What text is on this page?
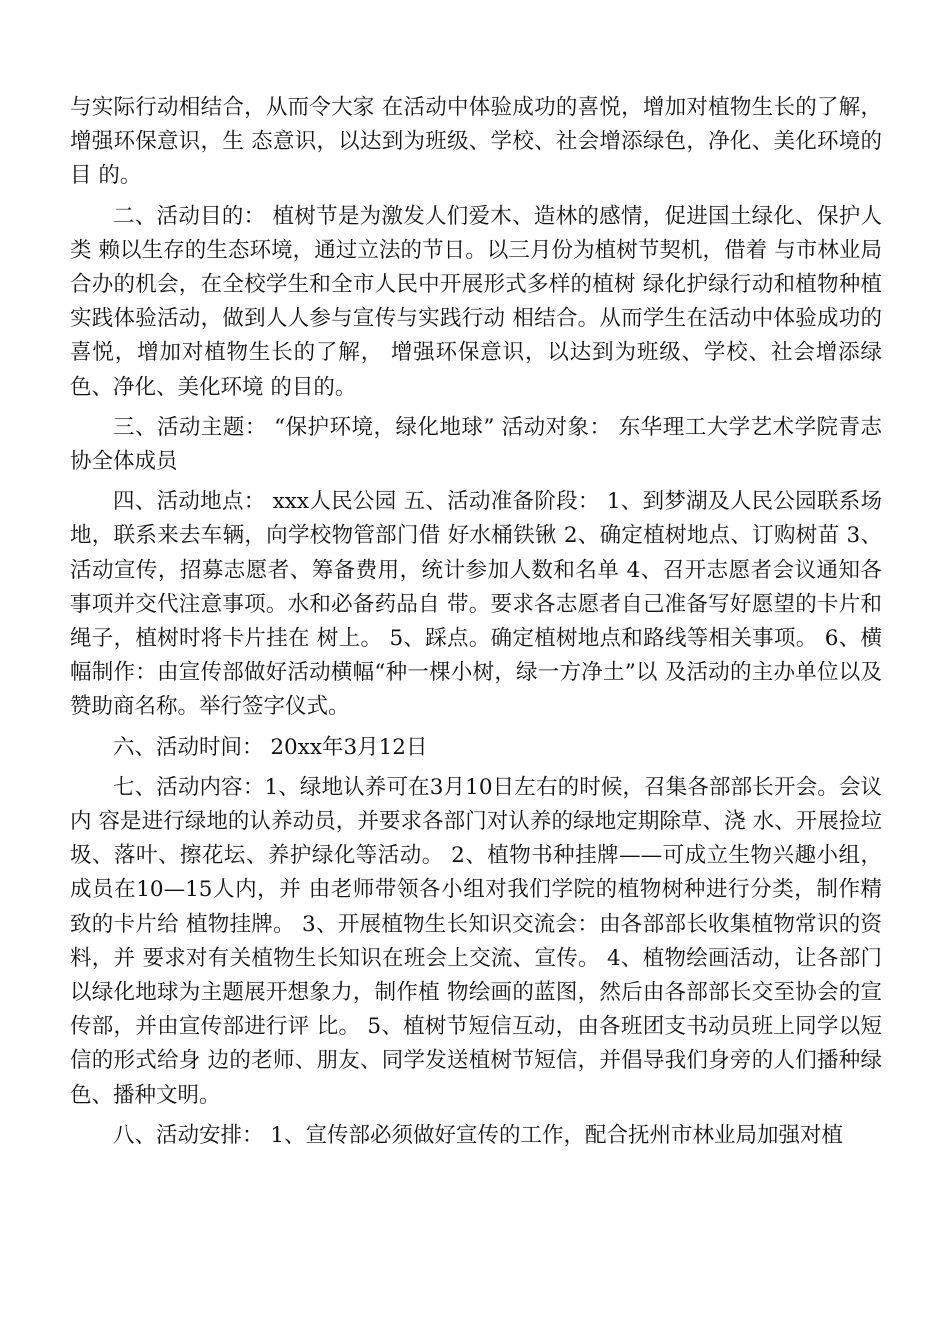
与实际行动相结合，从而令大家 在活动中体验成功的喜悦，增加对植物生长的了解，增强环保意识，生 态意识，以达到为班级、学校、社会增添绿色，净化、美化环境的目 的。

二、活动目的： 植树节是为激发人们爱木、造林的感情，促进国土绿化、保护人类 赖以生存的生态环境，通过立法的节日。以三月份为植树节契机，借着 与市林业局合办的机会，在全校学生和全市人民中开展形式多样的植树 绿化护绿行动和植物种植实践体验活动，做到人人参与宣传与实践行动 相结合。从而学生在活动中体验成功的喜悦，增加对植物生长的了解， 增强环保意识，以达到为班级、学校、社会增添绿色、净化、美化环境 的目的。

三、活动主题： “保护环境，绿化地球” 活动对象： 东华理工大学艺术学院青志协全体成员

四、活动地点： xxx人民公园 五、活动准备阶段： 1、到梦湖及人民公园联系场地，联系来去车辆，向学校物管部门借 好水桶铁锹 2、确定植树地点、订购树苗 3、活动宣传，招募志愿者、筹备费用，统计参加人数和名单 4、召开志愿者会议通知各事项并交代注意事项。水和必备药品自 带。要求各志愿者自己准备写好愿望的卡片和绳子，植树时将卡片挂在 树上。 5、踩点。确定植树地点和路线等相关事项。 6、横幅制作：由宣传部做好活动横幅“种一棵小树，绿一方净土”以 及活动的主办单位以及赞助商名称。举行签字仪式。

六、活动时间： 20xx年3月12日

七、活动内容：1、绿地认养可在3月10日左右的时候，召集各部部长开会。会议内 容是进行绿地的认养动员，并要求各部门对认养的绿地定期除草、浇 水、开展捡垃圾、落叶、擦花坛、养护绿化等活动。 2、植物书种挂牌——可成立生物兴趣小组，成员在10—15人内，并 由老师带领各小组对我们学院的植物树种进行分类，制作精致的卡片给 植物挂牌。 3、开展植物生长知识交流会：由各部部长收集植物常识的资料，并 要求对有关植物生长知识在班会上交流、宣传。 4、植物绘画活动，让各部门以绿化地球为主题展开想象力，制作植 物绘画的蓝图，然后由各部部长交至协会的宣传部，并由宣传部进行评 比。 5、植树节短信互动，由各班团支书动员班上同学以短信的形式给身 边的老师、朋友、同学发送植树节短信，并倡导我们身旁的人们播种绿 色、播种文明。

八、活动安排： 1、宣传部必须做好宣传的工作，配合抚州市林业局加强对植
